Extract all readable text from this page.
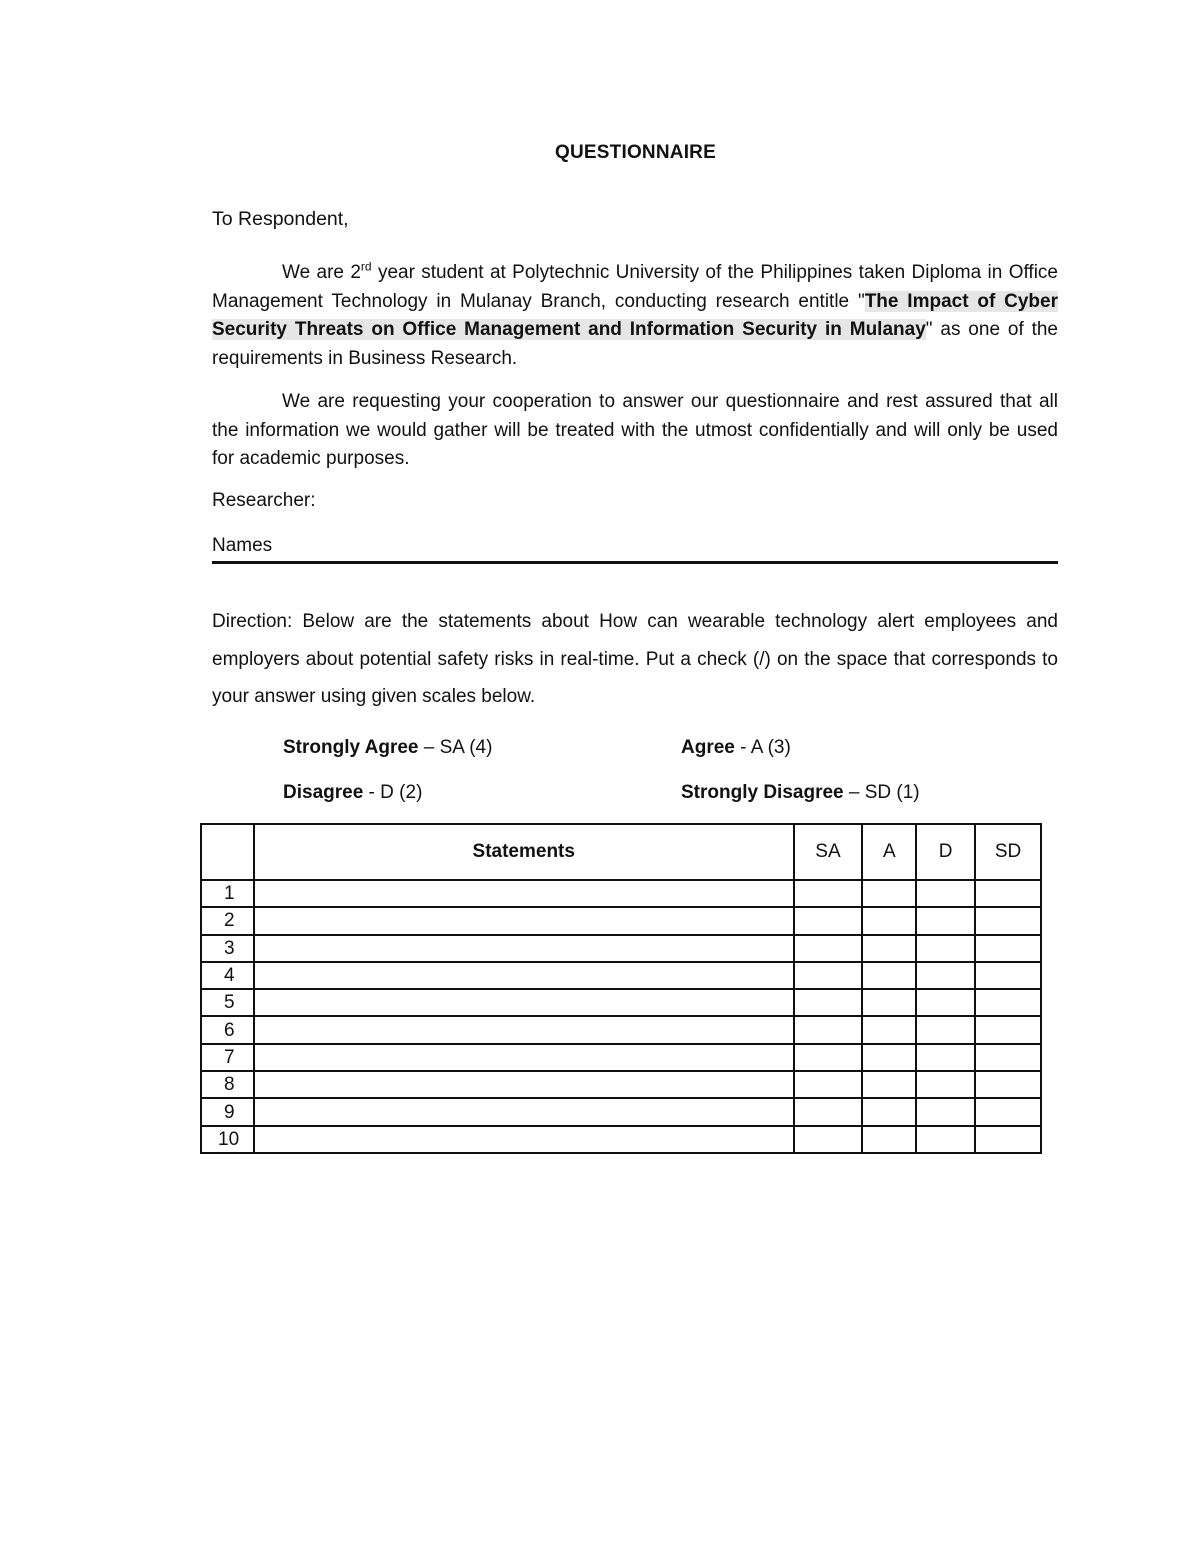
QUESTIONNAIRE
To Respondent,
We are 2rd year student at Polytechnic University of the Philippines taken Diploma in Office Management Technology in Mulanay Branch, conducting research entitle "The Impact of Cyber Security Threats on Office Management and Information Security in Mulanay" as one of the requirements in Business Research.
We are requesting your cooperation to answer our questionnaire and rest assured that all the information we would gather will be treated with the utmost confidentially and will only be used for academic purposes.
Researcher:
Names
Direction: Below are the statements about How can wearable technology alert employees and employers about potential safety risks in real-time. Put a check (/) on the space that corresponds to your answer using given scales below.
Strongly Agree – SA (4)	Agree - A (3)
Disagree - D (2)	Strongly Disagree – SD (1)
	Statements	SA	A	D	SD
1					
2					
3					
4					
5					
6					
7					
8					
9					
10					
